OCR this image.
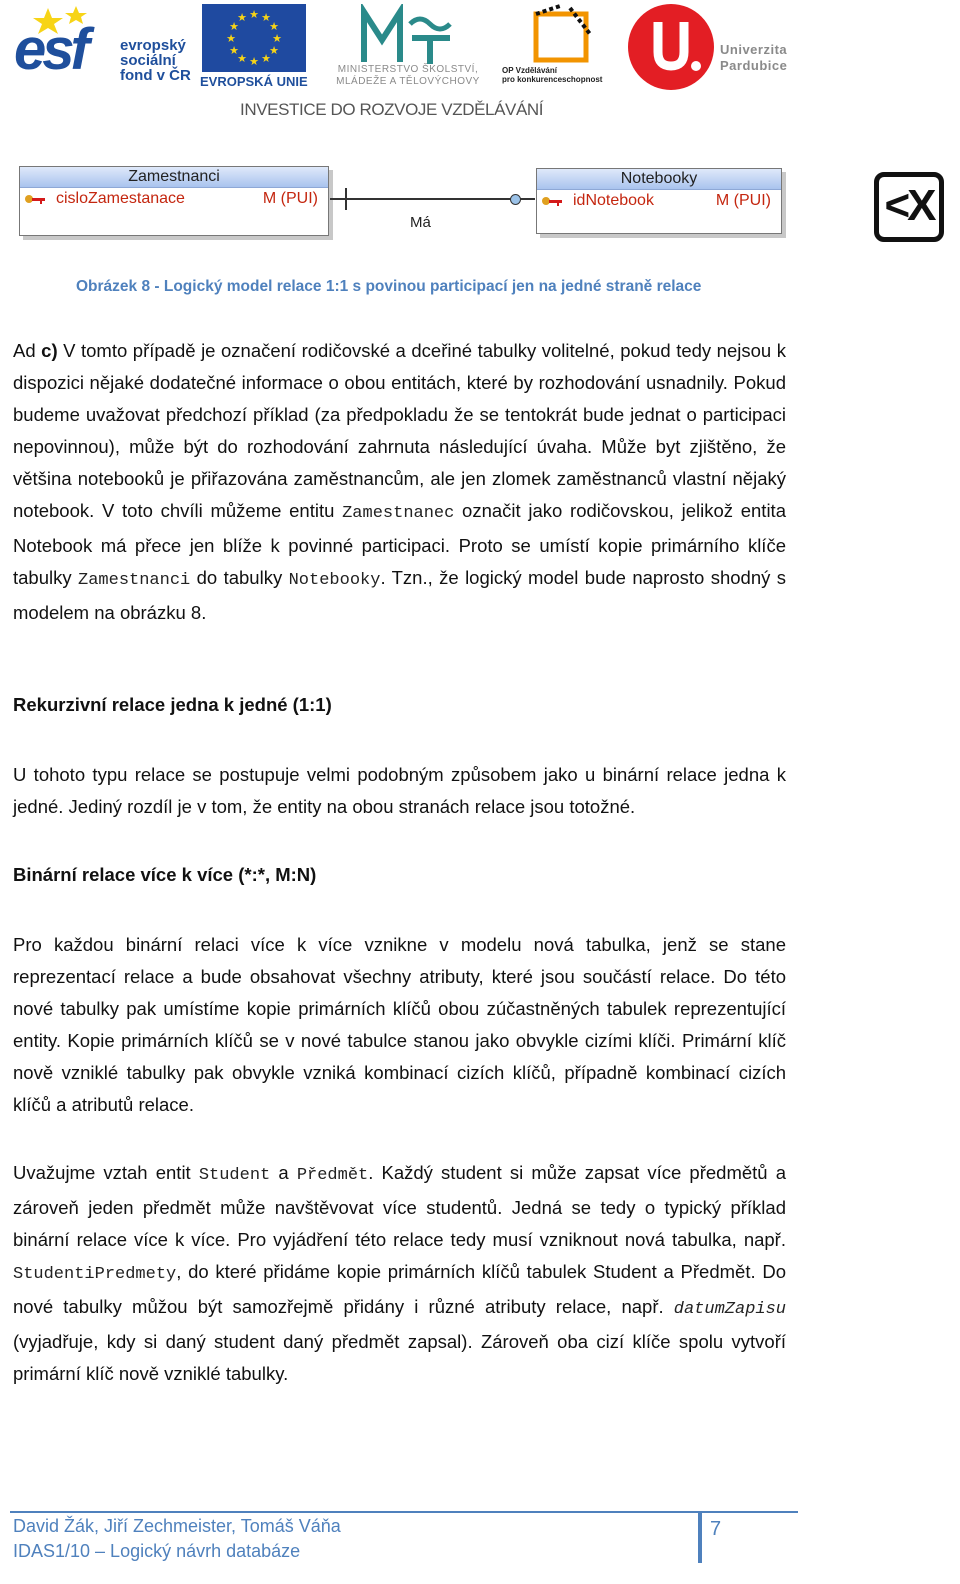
esf evropský
sociální
fond v ČR
★ ★
★
★
★
★
★
★
★
★
★
★
EVROPSKÁ UNIE
MINISTERSTVO ŠKOLSTVÍ,
MLÁDEŽE A TĚLOVÝCHOVY
OP Vzdělávání
pro konkurenceschopnost
Univerzita
Pardubice
INVESTICE DO ROZVOJE VZDĚLÁVÁNÍ
Zamestnanci
cisloZamestanace	M (PUI)
Má
Notebooky
idNotebook	M (PUI)	<X
Obrázek 8 - Logický model relace 1:1 s povinou participací jen na jedné straně relace
Ad c) V tomto případě je označení rodičovské a dceřiné tabulky volitelné, pokud tedy nejsou k dispozici nějaké dodatečné informace o obou entitách, které by rozhodování usnadnily. Pokud budeme uvažovat předchozí příklad (za předpokladu že se tentokrát bude jednat o participaci nepovinnou), může být do rozhodování zahrnuta následující úvaha. Může byt zjištěno, že většina notebooků je přiřazována zaměstnancům, ale jen zlomek zaměstnanců vlastní nějaký notebook. V toto chvíli můžeme entitu Zamestnanec označit jako rodičovskou, jelikož entita Notebook má přece jen blíže k povinné participaci. Proto se umístí kopie primárního klíče tabulky Zamestnanci do tabulky Notebooky. Tzn., že logický model bude naprosto shodný s modelem na obrázku 8.
Rekurzivní relace jedna k jedné (1:1)
U tohoto typu relace se postupuje velmi podobným způsobem jako u binární relace jedna k jedné. Jediný rozdíl je v tom, že entity na obou stranách relace jsou totožné.
Binární relace více k více (*:*, M:N)
Pro každou binární relaci více k více vznikne v modelu nová tabulka, jenž se stane reprezentací relace a bude obsahovat všechny atributy, které jsou součástí relace. Do této nové tabulky pak umístíme kopie primárních klíčů obou zúčastněných tabulek reprezentující entity. Kopie primárních klíčů se v nové tabulce stanou jako obvykle cizími klíči. Primární klíč nově vzniklé tabulky pak obvykle vzniká kombinací cizích klíčů, případně kombinací cizích klíčů a atributů relace.
Uvažujme vztah entit Student a Předmět. Každý student si může zapsat více předmětů a zároveň jeden předmět může navštěvovat více studentů. Jedná se tedy o typický příklad binární relace více k více. Pro vyjádření této relace tedy musí vzniknout nová tabulka, např. StudentiPredmety, do které přidáme kopie primárních klíčů tabulek Student a Předmět. Do nové tabulky můžou být samozřejmě přidány i různé atributy relace, např. datumZapisu (vyjadřuje, kdy si daný student daný předmět zapsal). Zároveň oba cizí klíče spolu vytvoří primární klíč nově vzniklé tabulky.
David Žák, Jiří Zechmeister, Tomáš Váňa
IDAS1/10 – Logický návrh databáze
7
